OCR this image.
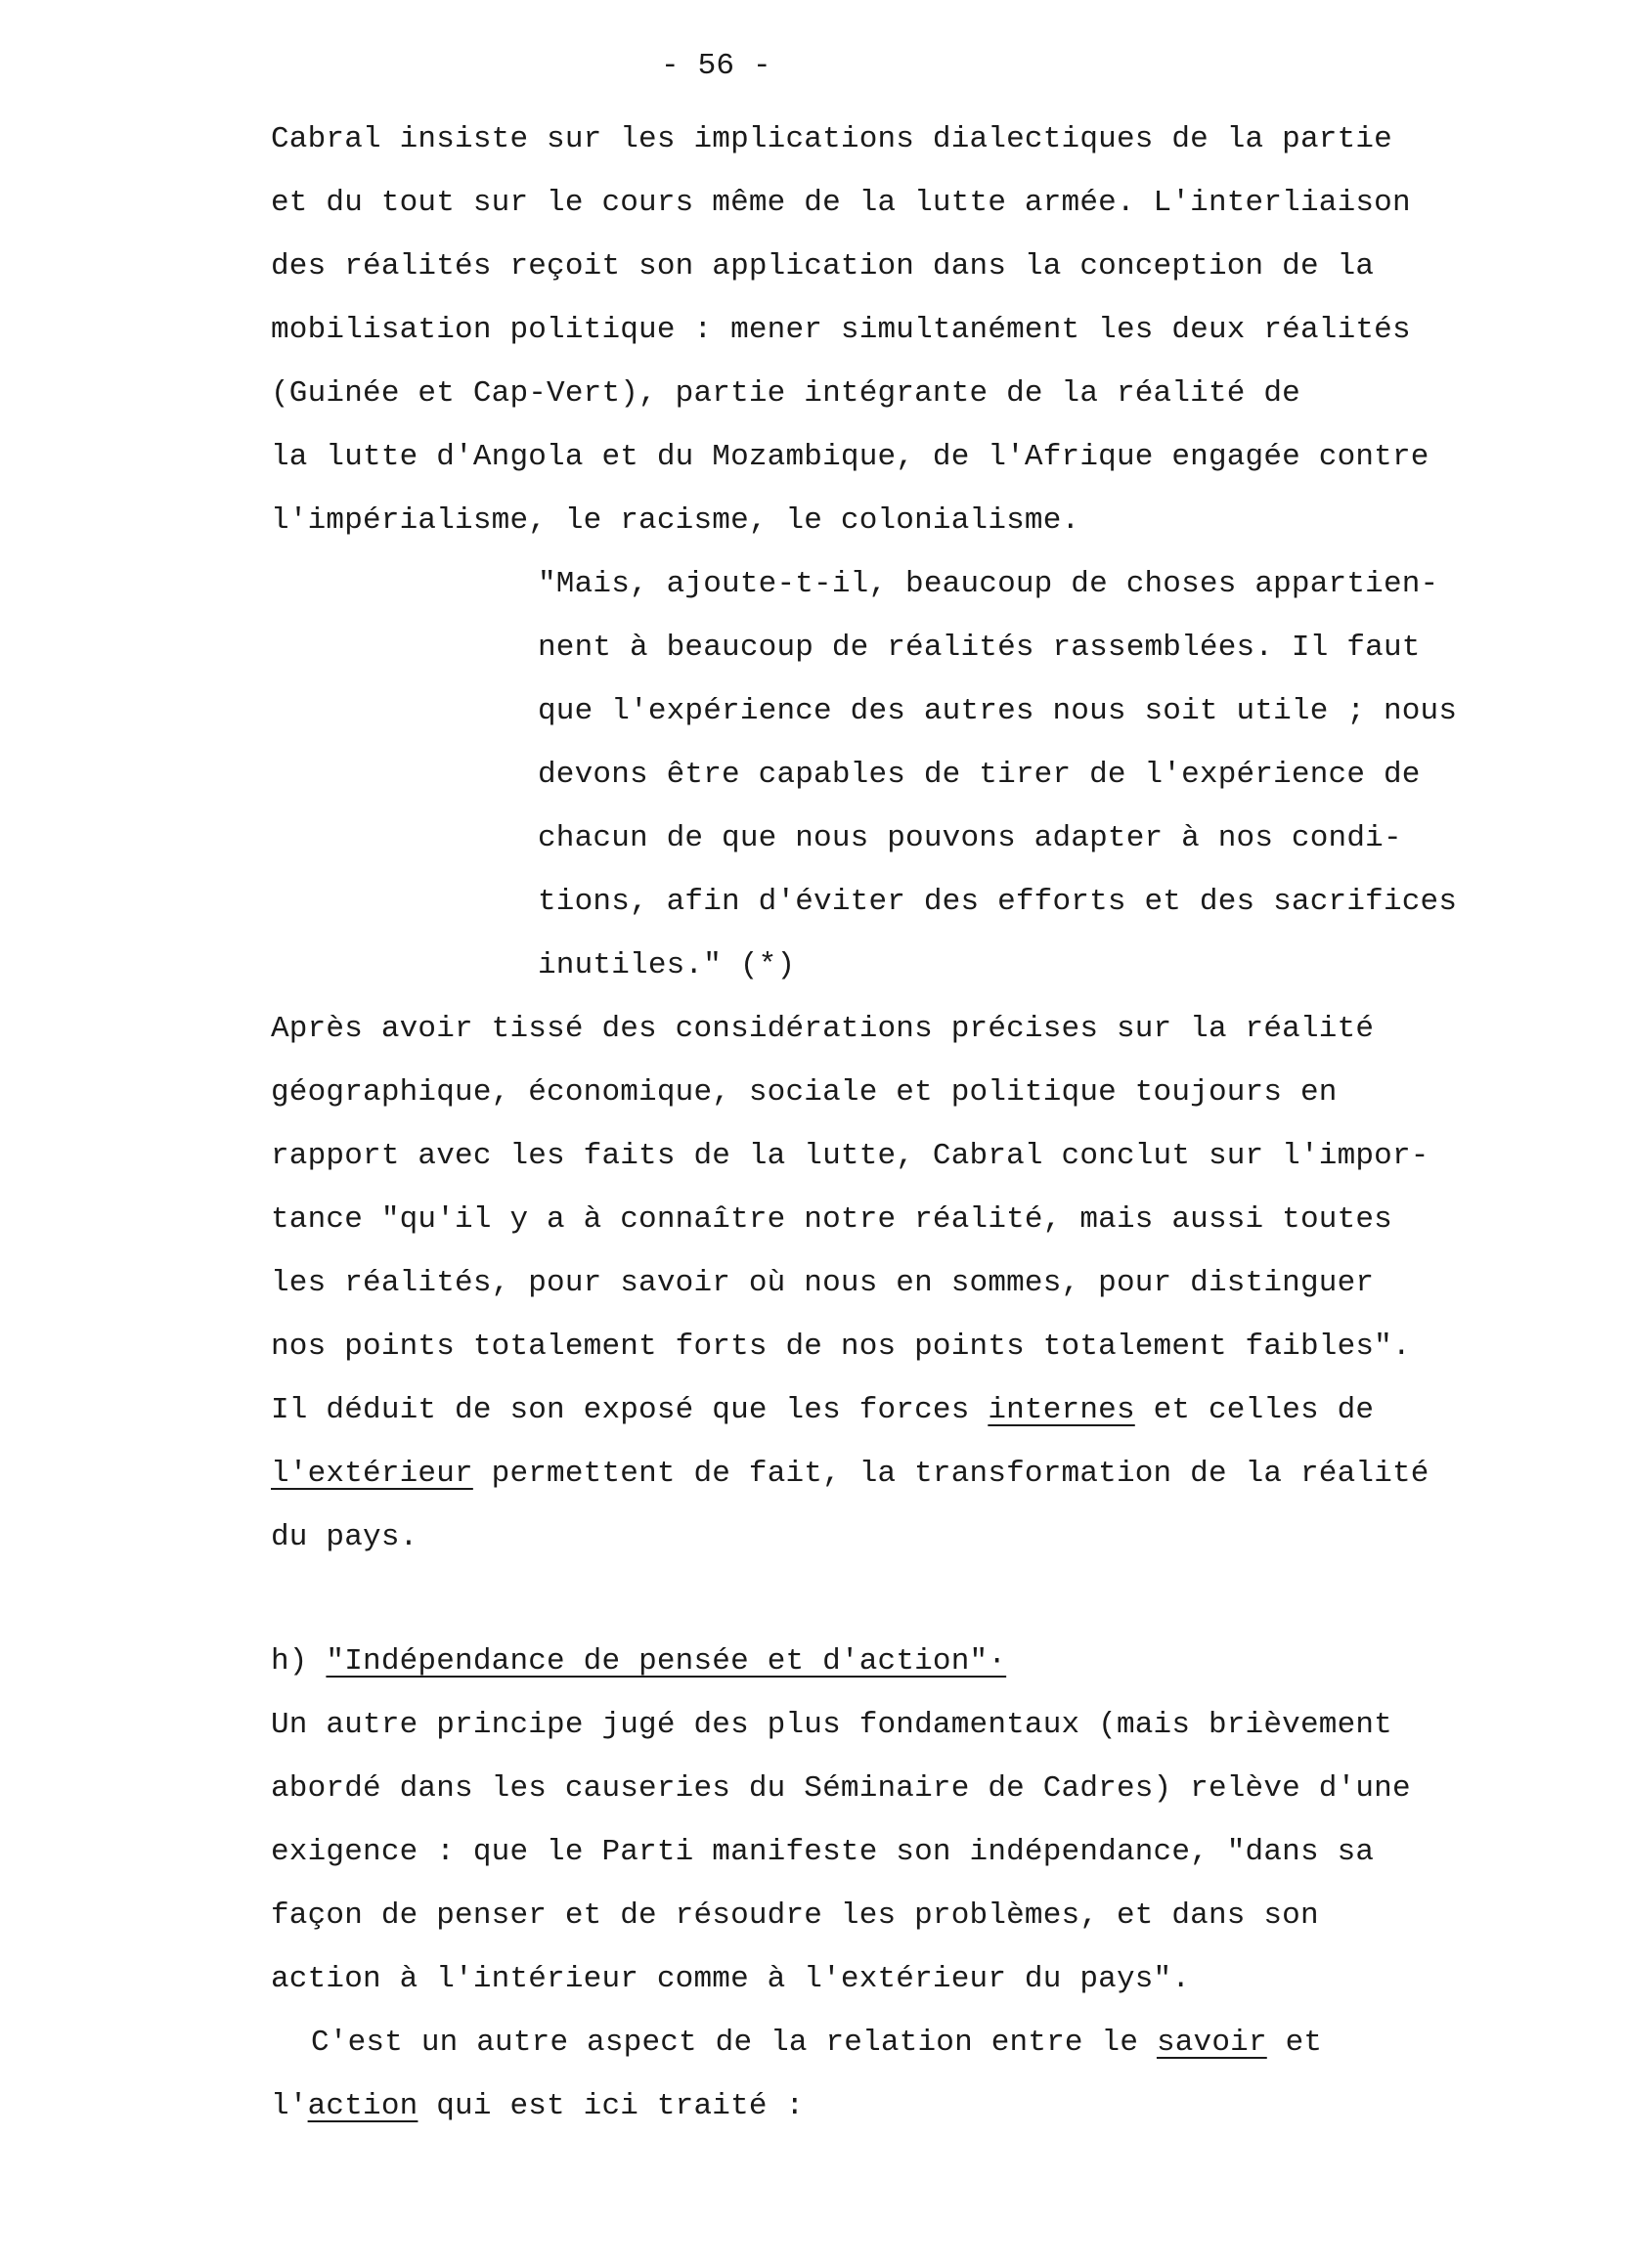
- 56 -
Cabral insiste sur les implications dialectiques de la partie
et du tout sur le cours même de la lutte armée. L'interliaison
des réalités reçoit son application dans la conception de la
mobilisation politique : mener simultanément les deux réalités
(Guinée et Cap-Vert), partie intégrante de la réalité de
la lutte d'Angola et du Mozambique, de l'Afrique engagée contre
l'impérialisme, le racisme, le colonialisme.
"Mais, ajoute-t-il, beaucoup de choses appartien-
nent à beaucoup de réalités rassemblées. Il faut
que l'expérience des autres nous soit utile ; nous
devons être capables de tirer de l'expérience de
chacun de que nous pouvons adapter à nos condi-
tions, afin d'éviter des efforts et des sacrifices
inutiles." (*)
Après avoir tissé des considérations précises sur la réalité
géographique, économique, sociale et politique toujours en
rapport avec les faits de la lutte, Cabral conclut sur l'impor-
tance "qu'il y a à connaître notre réalité, mais aussi toutes
les réalités, pour savoir où nous en sommes, pour distinguer
nos points totalement forts de nos points totalement faibles".
Il déduit de son exposé que les forces internes et celles de
l'extérieur permettent de fait, la transformation de la réalité
du pays.
h) "Indépendance de pensée et d'action"·
Un autre principe jugé des plus fondamentaux (mais brièvement
abordé dans les causeries du Séminaire de Cadres) relève d'une
exigence : que le Parti manifeste son indépendance, "dans sa
façon de penser et de résoudre les problèmes, et dans son
action à l'intérieur comme à l'extérieur du pays".
C'est un autre aspect de la relation entre le savoir et
l'action qui est ici traité :
